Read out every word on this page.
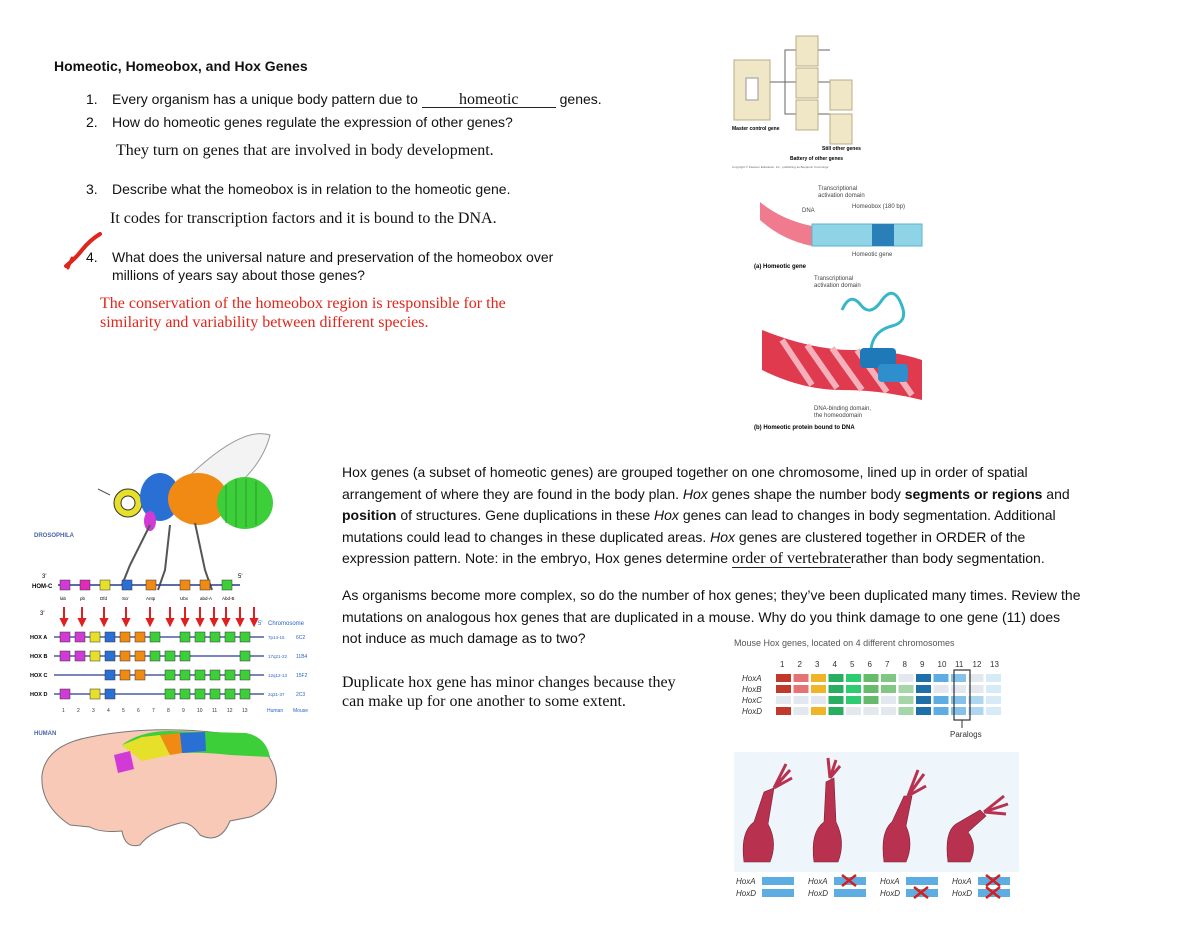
Homeotic, Homeobox, and Hox Genes
1. Every organism has a unique body pattern due to homeotic	genes.
2. How do homeotic genes regulate the expression of other genes?
They turn on genes that are involved in body development.
3. Describe what the homeobox is in relation to the homeotic gene.
It codes for transcription factors and it is bound to the DNA.
4. What does the universal nature and preservation of the homeobox over
millions of years say about those genes?
The conservation of the homeobox region is responsible for the
similarity and variability between different species.
Master control gene
Still other genes
Battery of other genes
Copyright © Pearson Education, Inc., publishing as Benjamin Cummings.
Transcriptional
activation domain
DNA
Homeobox (180 bp)
Homeotic gene
(a) Homeotic gene
Transcriptional
activation domain
DNA-binding domain,
the homeodomain
(b) Homeotic protein bound to DNA
Hox genes (a subset of homeotic genes) are grouped together on one chromosome, lined up in order of spatial
arrangement of where they are found in the body plan. Hox genes shape the number body segments or regions and
position of structures. Gene duplications in these Hox genes can lead to changes in body segmentation. Additional
mutations could lead to changes in these duplicated areas. Hox genes are clustered together in ORDER of the
expression pattern. Note: in the embryo, Hox genes determine order of vertebraterather than body segmentation.
As organisms become more complex, so do the number of hox genes; they’ve been duplicated many times. Review the
mutations on analogous hox genes that are duplicated in a mouse. Why do you think damage to one gene (11) does
not induce as much damage as to two?
Duplicate hox gene has minor changes because they
can make up for one another to some extent.
DROSOPHILA
3'	5'
HOM-C
lab	pb	Dfd	Scr	Antp	Ubx	abd-A Abd-B
3'
5' Chromosome
HOX A	7p14-15 6C2
HOX B	17q21-22 11B4
HOX C	12q12-13 15F2
HOX D	2q31-37 2C3
1 2 3 4 5 6 7 8 9 10 11 12 13	Human Mouse
HUMAN
Mouse Hox genes, located on 4 different chromosomes
1 2 3 4 5 6 7 8 9 10 11 12 13
HoxA
HoxB
HoxC
HoxD
Paralogs
HoxA
HoxD
HoxA
HoxD
HoxA
HoxD
HoxA
HoxD
